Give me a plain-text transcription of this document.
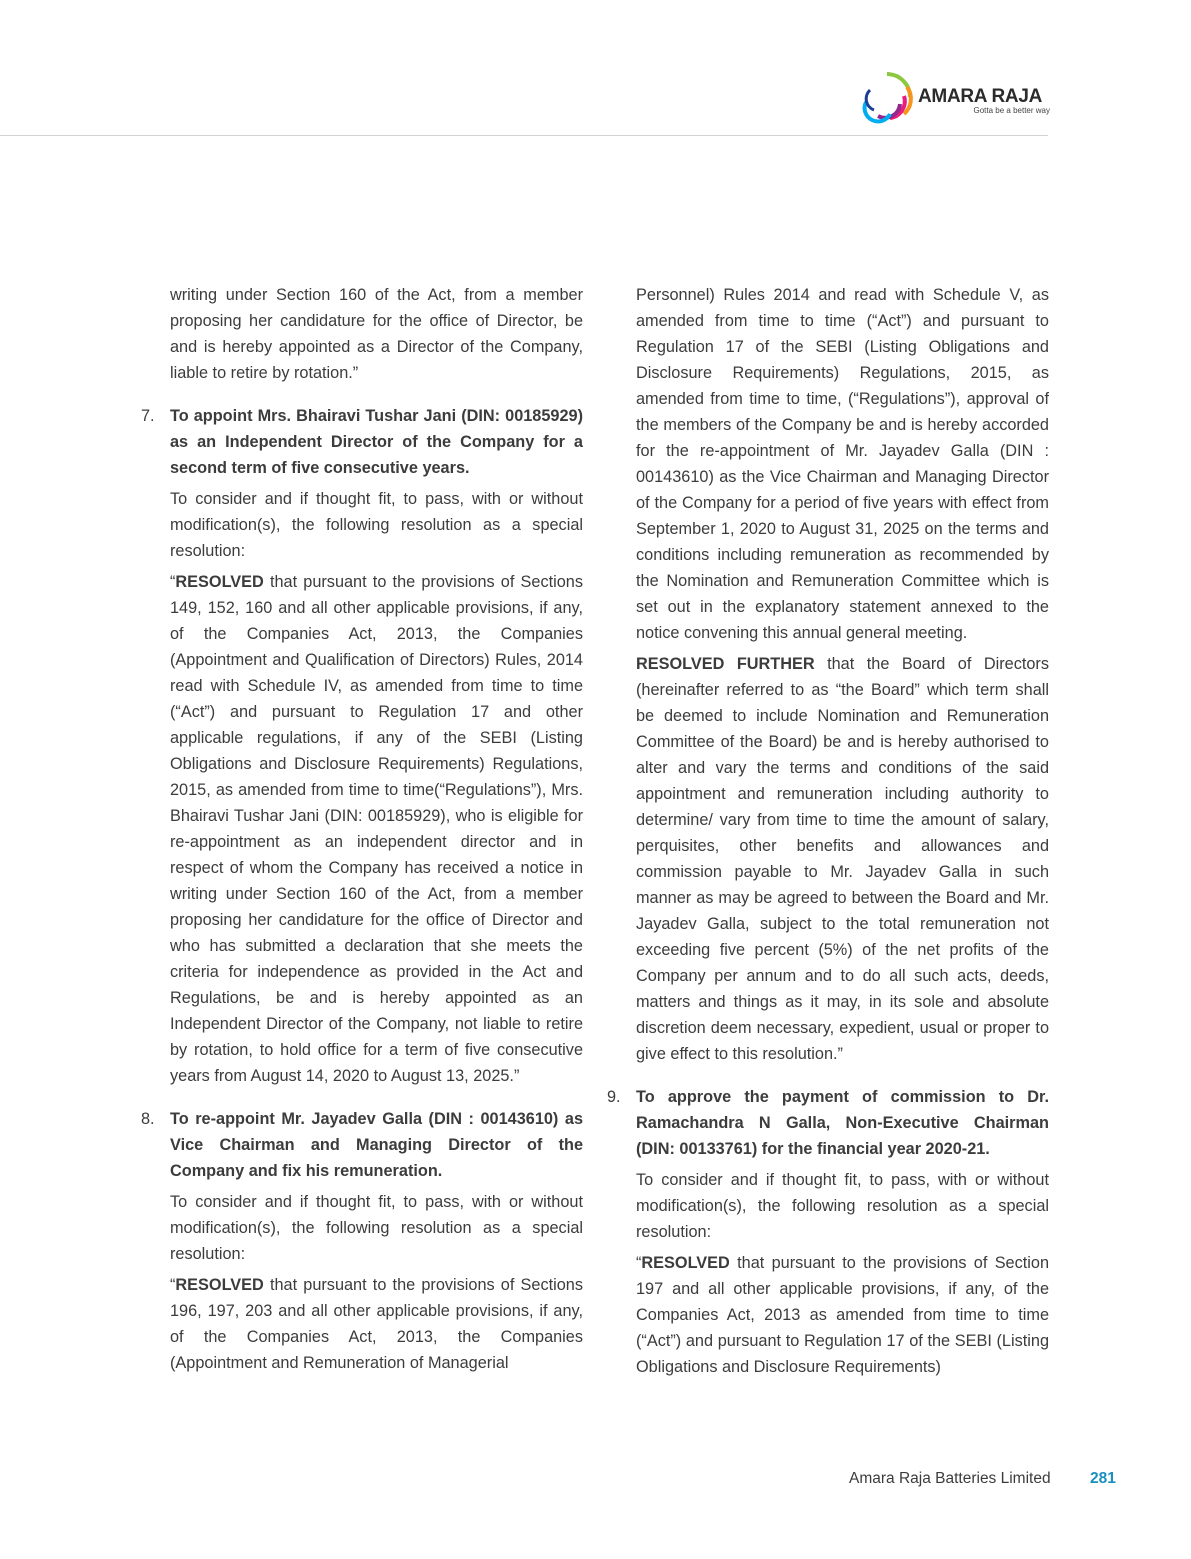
AMARA RAJA
Gotta be a better way

writing under Section 160 of the Act, from a member proposing her candidature for the office of Director, be and is hereby appointed as a Director of the Company, liable to retire by rotation.”

7. To appoint Mrs. Bhairavi Tushar Jani (DIN: 00185929) as an Independent Director of the Company for a second term of five consecutive years.

To consider and if thought fit, to pass, with or without modification(s), the following resolution as a special resolution:

“RESOLVED that pursuant to the provisions of Sections 149, 152, 160 and all other applicable provisions, if any, of the Companies Act, 2013, the Companies (Appointment and Qualification of Directors) Rules, 2014 read with Schedule IV, as amended from time to time (“Act”) and pursuant to Regulation 17 and other applicable regulations, if any of the SEBI (Listing Obligations and Disclosure Requirements) Regulations, 2015, as amended from time to time(“Regulations”), Mrs. Bhairavi Tushar Jani (DIN: 00185929), who is eligible for re-appointment as an independent director and in respect of whom the Company has received a notice in writing under Section 160 of the Act, from a member proposing her candidature for the office of Director and who has submitted a declaration that she meets the criteria for independence as provided in the Act and Regulations, be and is hereby appointed as an Independent Director of the Company, not liable to retire by rotation, to hold office for a term of five consecutive years from August 14, 2020 to August 13, 2025.”

8. To re-appoint Mr. Jayadev Galla (DIN : 00143610) as Vice Chairman and Managing Director of the Company and fix his remuneration.

To consider and if thought fit, to pass, with or without modification(s), the following resolution as a special resolution:

“RESOLVED that pursuant to the provisions of Sections 196, 197, 203 and all other applicable provisions, if any, of the Companies Act, 2013, the Companies (Appointment and Remuneration of Managerial

Personnel) Rules 2014 and read with Schedule V, as amended from time to time (“Act”) and pursuant to Regulation 17 of the SEBI (Listing Obligations and Disclosure Requirements) Regulations, 2015, as amended from time to time, (“Regulations”), approval of the members of the Company be and is hereby accorded for the re-appointment of Mr. Jayadev Galla (DIN : 00143610) as the Vice Chairman and Managing Director of the Company for a period of five years with effect from September 1, 2020 to August 31, 2025 on the terms and conditions including remuneration as recommended by the Nomination and Remuneration Committee which is set out in the explanatory statement annexed to the notice convening this annual general meeting.

RESOLVED FURTHER that the Board of Directors (hereinafter referred to as “the Board” which term shall be deemed to include Nomination and Remuneration Committee of the Board) be and is hereby authorised to alter and vary the terms and conditions of the said appointment and remuneration including authority to determine/ vary from time to time the amount of salary, perquisites, other benefits and allowances and commission payable to Mr. Jayadev Galla in such manner as may be agreed to between the Board and Mr. Jayadev Galla, subject to the total remuneration not exceeding five percent (5%) of the net profits of the Company per annum and to do all such acts, deeds, matters and things as it may, in its sole and absolute discretion deem necessary, expedient, usual or proper to give effect to this resolution.”

9. To approve the payment of commission to Dr. Ramachandra N Galla, Non-Executive Chairman (DIN: 00133761) for the financial year 2020-21.

To consider and if thought fit, to pass, with or without modification(s), the following resolution as a special resolution:

“RESOLVED that pursuant to the provisions of Section 197 and all other applicable provisions, if any, of the Companies Act, 2013 as amended from time to time (“Act”) and pursuant to Regulation 17 of the SEBI (Listing Obligations and Disclosure Requirements)

Amara Raja Batteries Limited	281
